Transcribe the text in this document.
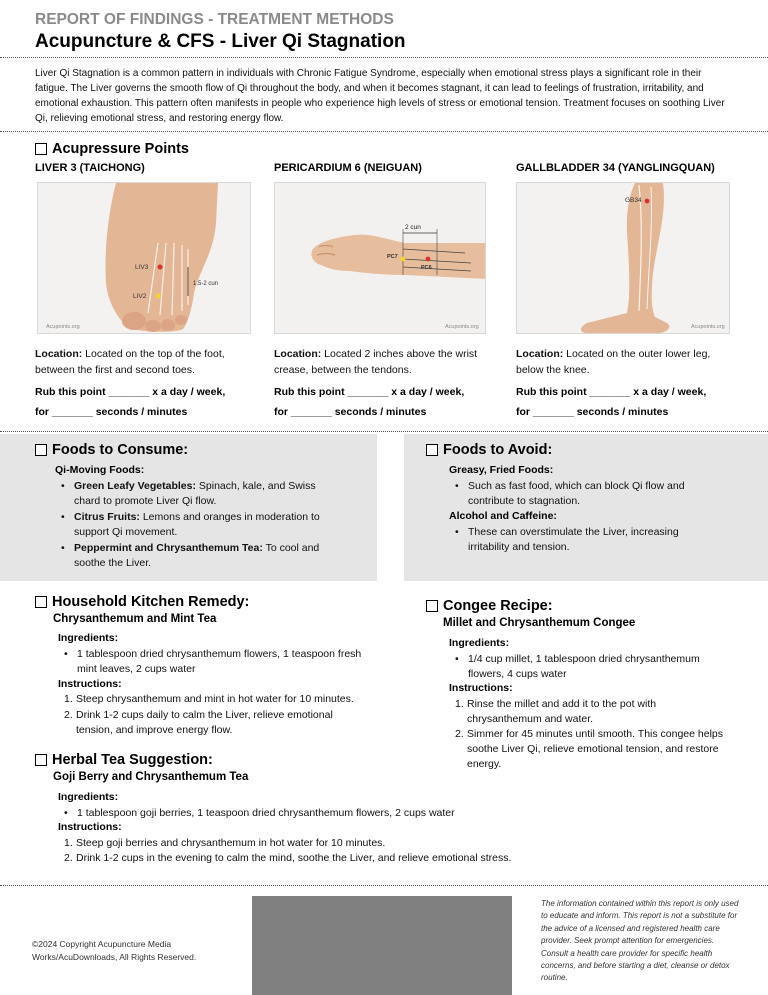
REPORT OF FINDINGS - TREATMENT METHODS
Acupuncture & CFS - Liver Qi Stagnation
Liver Qi Stagnation is a common pattern in individuals with Chronic Fatigue Syndrome, especially when emotional stress plays a significant role in their fatigue. The Liver governs the smooth flow of Qi throughout the body, and when it becomes stagnant, it can lead to feelings of frustration, irritability, and emotional exhaustion. This pattern often manifests in people who experience high levels of stress or emotional tension. Treatment focuses on soothing Liver Qi, relieving emotional stress, and restoring energy flow.
Acupressure Points
LIVER 3 (TAICHONG)	PERICARDIUM 6 (NEIGUAN)	GALLBLADDER 34 (YANGLINGQUAN)
LIV3
LIV2
1.5-2 cun
Acupoints.org
2 cun
PC7
PC6
Acupoints.org
GB34
Acupoints.org
Location: Located on the top of the foot, between the first and second toes.
Location: Located 2 inches above the wrist crease, between the tendons.
Location: Located on the outer lower leg, below the knee.
Rub this point _______ x a day / week,
for _______ seconds / minutes
Rub this point _______ x a day / week,
for _______ seconds / minutes
Rub this point _______ x a day / week,
for _______ seconds / minutes
Foods to Consume:
Qi-Moving Foods:
• Green Leafy Vegetables: Spinach, kale, and Swiss
chard to promote Liver Qi flow.
• Citrus Fruits: Lemons and oranges in moderation to
support Qi movement.
• Peppermint and Chrysanthemum Tea: To cool and
soothe the Liver.
Foods to Avoid:
Greasy, Fried Foods:
• Such as fast food, which can block Qi flow and
contribute to stagnation.
Alcohol and Caffeine:
• These can overstimulate the Liver, increasing
irritability and tension.
Household Kitchen Remedy:
Chrysanthemum and Mint Tea
Ingredients:
• 1 tablespoon dried chrysanthemum flowers, 1 teaspoon fresh
mint leaves, 2 cups water
Instructions:
1. Steep chrysanthemum and mint in hot water for 10 minutes.
2. Drink 1-2 cups daily to calm the Liver, relieve emotional
tension, and improve energy flow.
Congee Recipe:
Millet and Chrysanthemum Congee
Ingredients:
• 1/4 cup millet, 1 tablespoon dried chrysanthemum
flowers, 4 cups water
Instructions:
1. Rinse the millet and add it to the pot with
chrysanthemum and water.
2. Simmer for 45 minutes until smooth. This congee helps
soothe Liver Qi, relieve emotional tension, and restore
energy.
Herbal Tea Suggestion:
Goji Berry and Chrysanthemum Tea
Ingredients:
• 1 tablespoon goji berries, 1 teaspoon dried chrysanthemum flowers, 2 cups water
Instructions:
1. Steep goji berries and chrysanthemum in hot water for 10 minutes.
2. Drink 1-2 cups in the evening to calm the mind, soothe the Liver, and relieve emotional stress.
©2024 Copyright Acupuncture Media Works/AcuDownloads, All Rights Reserved.
The information contained within this report is only used to educate and inform. This report is not a substitute for the advice of a licensed and registered health care provider. Seek prompt attention for emergencies. Consult a health care provider for specific health concerns, and before starting a diet, cleanse or detox routine.
